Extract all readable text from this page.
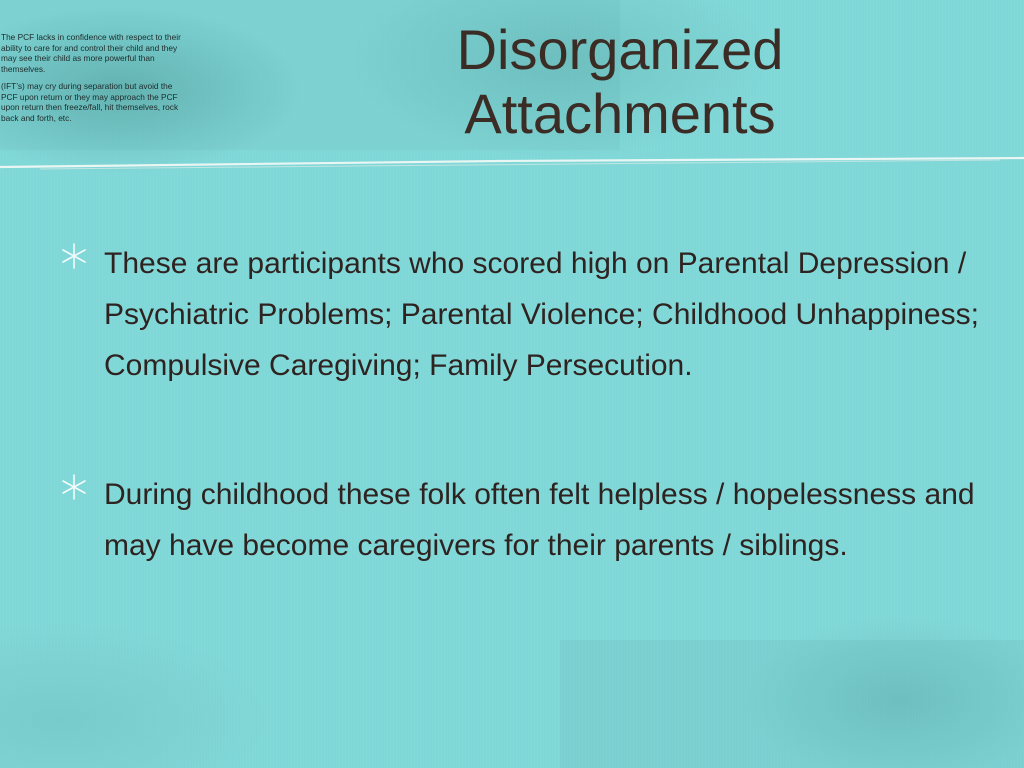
The PCF lacks in confidence with respect to their ability to care for and control their child and they may see their child as more powerful than themselves.

(IFT’s) may cry during separation but avoid the PCF upon return or they may approach the PCF upon return then freeze/fall, hit themselves, rock back and forth, etc.

Disorganized
Attachments
These are participants who scored high on Parental Depression / Psychiatric Problems; Parental Violence; Childhood Unhappiness; Compulsive Caregiving; Family Persecution.
During childhood these folk often felt helpless / hopelessness and may have become caregivers for their parents / siblings.
